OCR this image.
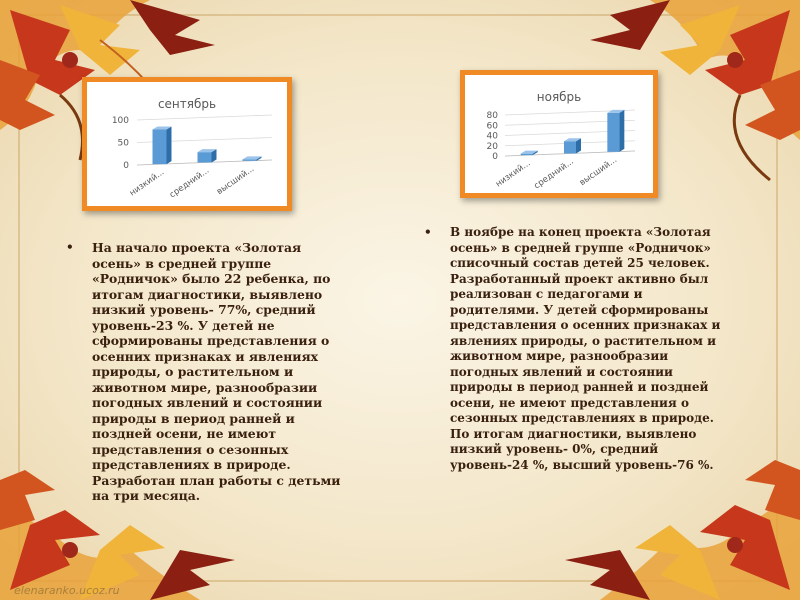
сентябрь
0
50
100
низкий... средний... высший...
ноябрь
0
20
40
60
80
низкий... средний... высший...
• На начало проекта «Золотая осень» в средней группе «Родничок» было 22 ребенка, по итогам диагностики, выявлено низкий уровень- 77%, средний уровень-23 %. У детей не сформированы представления о осенних признаках и явлениях природы, о растительном и животном мире, разнообразии погодных явлений и состоянии природы в период ранней и поздней осени, не имеют представления о сезонных представлениях в природе. Разработан план работы с детьми на три месяца.
• В ноябре на конец проекта «Золотая осень» в средней группе «Родничок» списочный состав детей 25 человек. Разработанный проект активно был реализован с педагогами и родителями. У детей сформированы представления о осенних признаках и явлениях природы, о растительном и животном мире, разнообразии погодных явлений и состоянии природы в период ранней и поздней осени, не имеют представления о сезонных представлениях в природе. По итогам диагностики, выявлено низкий уровень- 0%, средний уровень-24 %, высший уровень-76 %.
elenaranko.ucoz.ru
